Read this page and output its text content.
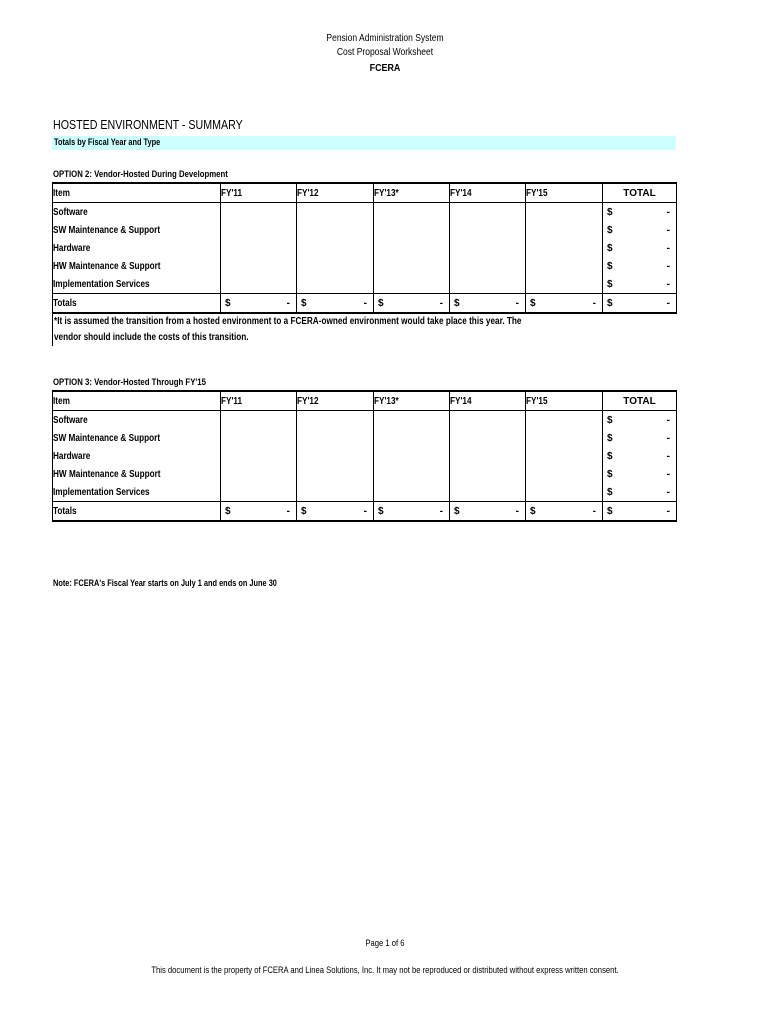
Pension Administration System
Cost Proposal Worksheet
FCERA
HOSTED ENVIRONMENT - SUMMARY
Totals by Fiscal Year and Type
OPTION 2: Vendor-Hosted During Development
Item	FY'11	FY'12	FY'13*	FY'14	FY'15	TOTAL

Software						$ -

SW Maintenance & Support						$ -

Hardware						$ -

HW Maintenance & Support						$ -

Implementation Services						$ -

Totals	$ -	$ -	$ -	$ -	$ -	$ -
*It is assumed the transition from a hosted environment to a FCERA-owned environment would take place this year. The
vendor should include the costs of this transition.
OPTION 3: Vendor-Hosted Through FY'15
Item	FY'11	FY'12	FY'13*	FY'14	FY'15	TOTAL

Software						$ -

SW Maintenance & Support						$ -

Hardware						$ -

HW Maintenance & Support						$ -

Implementation Services						$ -

Totals	$ -	$ -	$ -	$ -	$ -	$ -
Note: FCERA's Fiscal Year starts on July 1 and ends on June 30
Page 1 of 6
This document is the property of FCERA and Linea Solutions, Inc. It may not be reproduced or distributed without express written consent.
